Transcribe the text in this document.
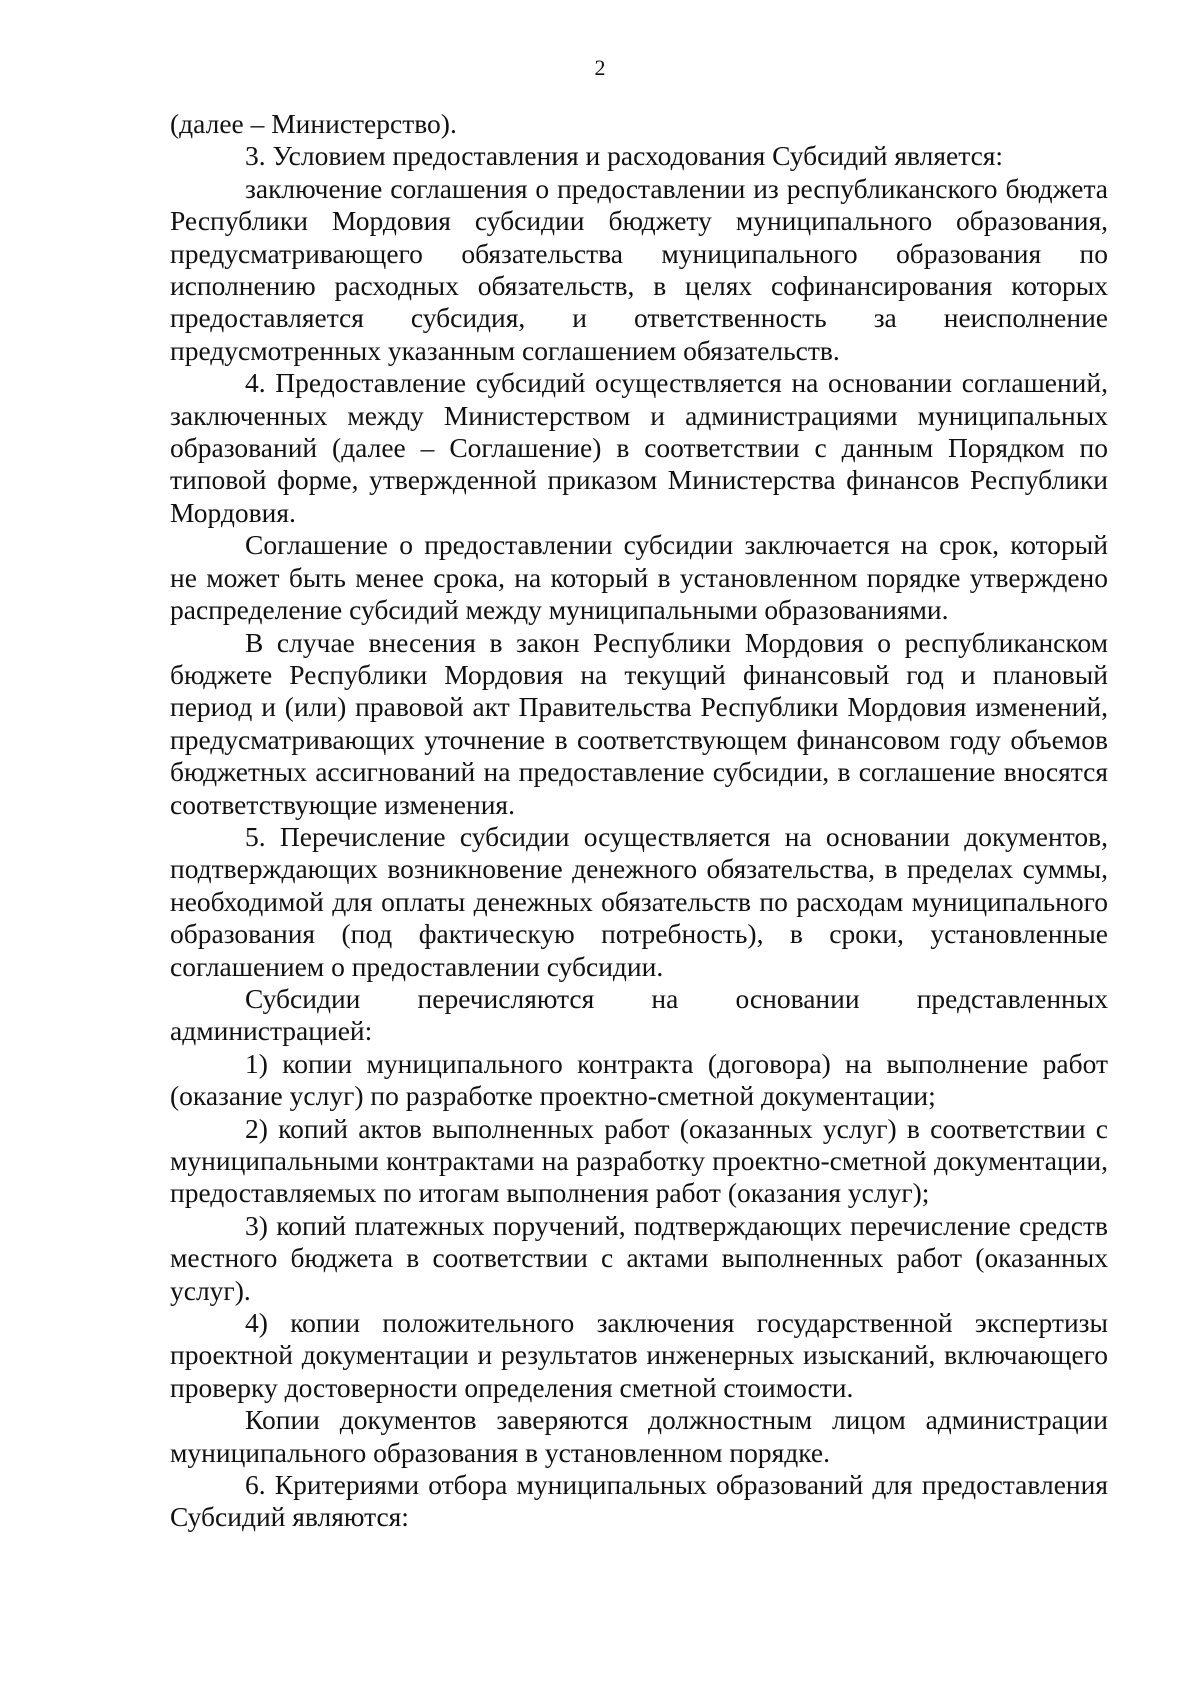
2

(далее – Министерство).

3. Условием предоставления и расходования Субсидий является:

заключение соглашения о предоставлении из республиканского бюджета Республики Мордовия субсидии бюджету муниципального образования, предусматривающего обязательства муниципального образования по исполнению расходных обязательств, в целях софинансирования которых предоставляется субсидия, и ответственность за неисполнение предусмотренных указанным соглашением обязательств.

4. Предоставление субсидий осуществляется на основании соглашений, заключенных между Министерством и администрациями муниципальных образований (далее – Соглашение) в соответствии с данным Порядком по типовой форме, утвержденной приказом Министерства финансов Республики Мордовия.

Соглашение о предоставлении субсидии заключается на срок, который не может быть менее срока, на который в установленном порядке утверждено распределение субсидий между муниципальными образованиями.

В случае внесения в закон Республики Мордовия о республиканском бюджете Республики Мордовия на текущий финансовый год и плановый период и (или) правовой акт Правительства Республики Мордовия изменений, предусматривающих уточнение в соответствующем финансовом году объемов бюджетных ассигнований на предоставление субсидии, в соглашение вносятся соответствующие изменения.

5. Перечисление субсидии осуществляется на основании документов, подтверждающих возникновение денежного обязательства, в пределах суммы, необходимой для оплаты денежных обязательств по расходам муниципального образования (под фактическую потребность), в сроки, установленные соглашением о предоставлении субсидии.

Субсидии перечисляются на основании представленных администрацией:

1) копии муниципального контракта (договора) на выполнение работ (оказание услуг) по разработке проектно-сметной документации;

2) копий актов выполненных работ (оказанных услуг) в соответствии с муниципальными контрактами на разработку проектно-сметной документации, предоставляемых по итогам выполнения работ (оказания услуг);

3) копий платежных поручений, подтверждающих перечисление средств местного бюджета в соответствии с актами выполненных работ (оказанных услуг).

4) копии положительного заключения государственной экспертизы проектной документации и результатов инженерных изысканий, включающего проверку достоверности определения сметной стоимости.

Копии документов заверяются должностным лицом администрации муниципального образования в установленном порядке.

6. Критериями отбора муниципальных образований для предоставления Субсидий являются:
